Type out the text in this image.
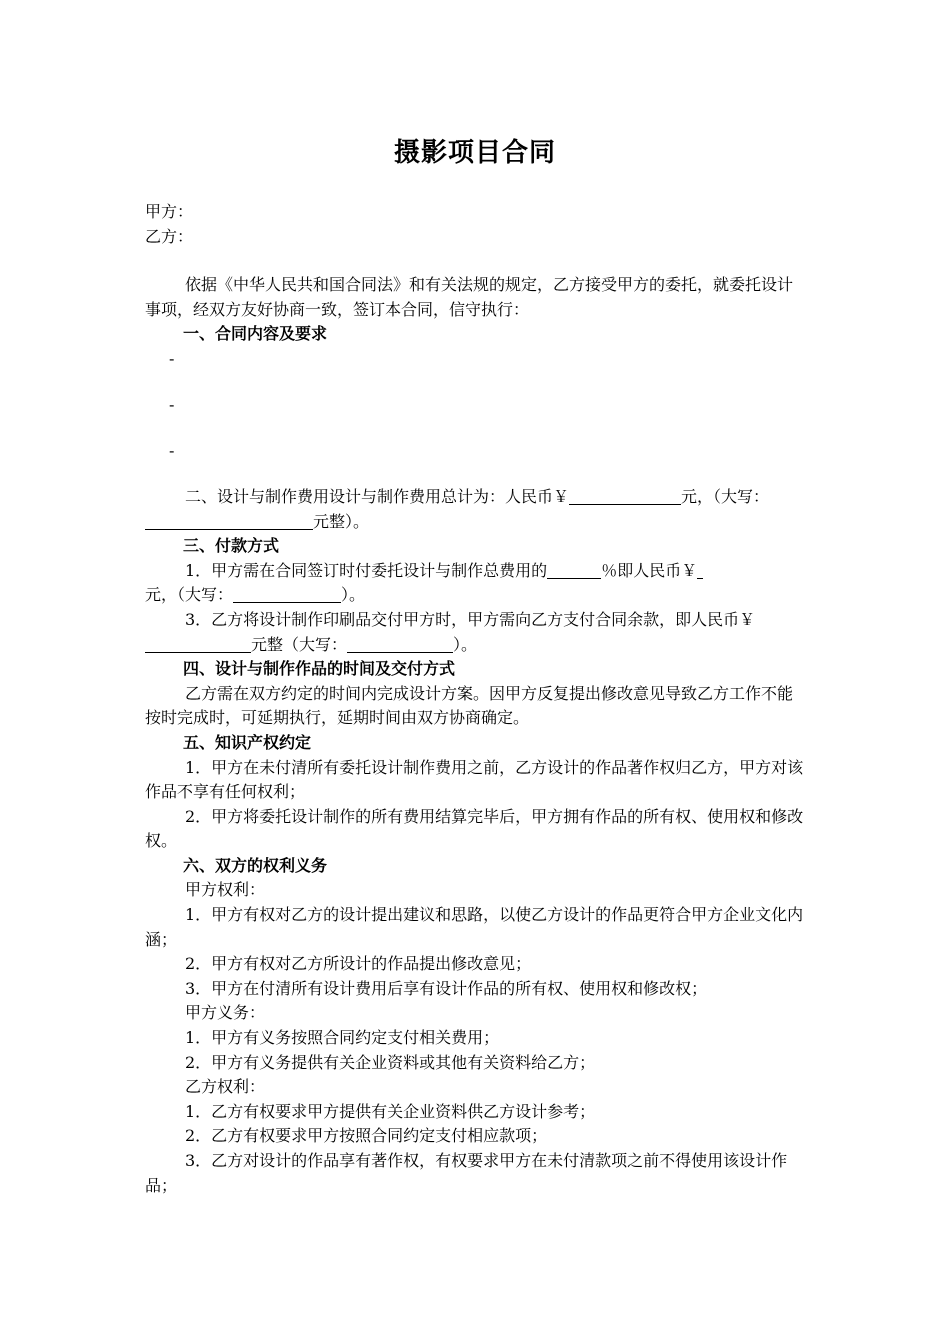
摄影项目合同

甲方：

乙方：

依据《中华人民共和国合同法》和有关法规的规定，乙方接受甲方的委托，就委托设计事项，经双方友好协商一致，签订本合同，信守执行：

一、合同内容及要求

-
-
-

二、设计与制作费用设计与制作费用总计为：人民币￥	元，（大写：元整）。

三、付款方式

1．甲方需在合同签订时付委托设计与制作总费用的	％即人民币￥
元，（大写：	）。

3．乙方将设计制作印刷品交付甲方时，甲方需向乙方支付合同余款，即人民币￥元整（大写：	）。

四、设计与制作作品的时间及交付方式

乙方需在双方约定的时间内完成设计方案。因甲方反复提出修改意见导致乙方工作不能按时完成时，可延期执行，延期时间由双方协商确定。

五、知识产权约定

1．甲方在未付清所有委托设计制作费用之前，乙方设计的作品著作权归乙方，甲方对该作品不享有任何权利；

2．甲方将委托设计制作的所有费用结算完毕后，甲方拥有作品的所有权、使用权和修改权。

六、双方的权利义务

甲方权利：

1．甲方有权对乙方的设计提出建议和思路，以使乙方设计的作品更符合甲方企业文化内涵；

2．甲方有权对乙方所设计的作品提出修改意见；

3．甲方在付清所有设计费用后享有设计作品的所有权、使用权和修改权；

甲方义务：

1．甲方有义务按照合同约定支付相关费用；

2．甲方有义务提供有关企业资料或其他有关资料给乙方；

乙方权利：

1．乙方有权要求甲方提供有关企业资料供乙方设计参考；

2．乙方有权要求甲方按照合同约定支付相应款项；

3．乙方对设计的作品享有著作权，有权要求甲方在未付清款项之前不得使用该设计作品；
